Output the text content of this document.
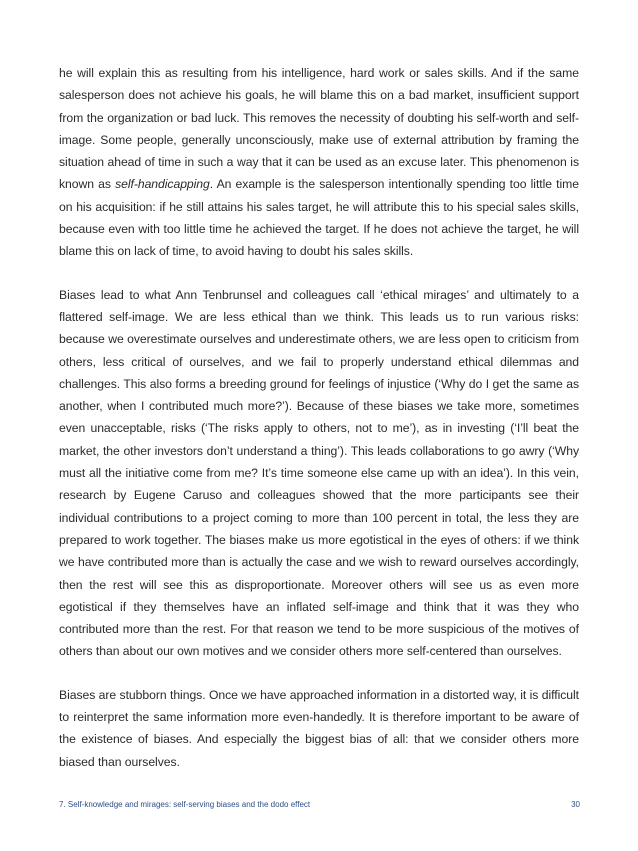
he will explain this as resulting from his intelligence, hard work or sales skills. And if the same salesperson does not achieve his goals, he will blame this on a bad market, insufficient support from the organization or bad luck. This removes the necessity of doubting his self-worth and self-image. Some people, generally unconsciously, make use of external attribution by framing the situation ahead of time in such a way that it can be used as an excuse later. This phenomenon is known as self-handicapping. An example is the salesperson intentionally spending too little time on his acquisition: if he still attains his sales target, he will attribute this to his special sales skills, because even with too little time he achieved the target. If he does not achieve the target, he will blame this on lack of time, to avoid having to doubt his sales skills.

Biases lead to what Ann Tenbrunsel and colleagues call ‘ethical mirages’ and ultimately to a flattered self-image. We are less ethical than we think. This leads us to run various risks: because we overestimate ourselves and underestimate others, we are less open to criticism from others, less critical of ourselves, and we fail to properly understand ethical dilemmas and challenges. This also forms a breeding ground for feelings of injustice (‘Why do I get the same as another, when I contributed much more?’). Because of these biases we take more, sometimes even unacceptable, risks (‘The risks apply to others, not to me’), as in investing (‘I’ll beat the market, the other investors don’t understand a thing’). This leads collaborations to go awry (‘Why must all the initiative come from me? It’s time someone else came up with an idea’). In this vein, research by Eugene Caruso and colleagues showed that the more participants see their individual contributions to a project coming to more than 100 percent in total, the less they are prepared to work together. The biases make us more egotistical in the eyes of others: if we think we have contributed more than is actually the case and we wish to reward ourselves accordingly, then the rest will see this as disproportionate. Moreover others will see us as even more egotistical if they themselves have an inflated self-image and think that it was they who contributed more than the rest. For that reason we tend to be more suspicious of the motives of others than about our own motives and we consider others more self-centered than ourselves.

Biases are stubborn things. Once we have approached information in a distorted way, it is difficult to reinterpret the same information more even-handedly. It is therefore important to be aware of the existence of biases. And especially the biggest bias of all: that we consider others more biased than ourselves.

7. Self-knowledge and mirages: self-serving biases and the dodo effect	30
